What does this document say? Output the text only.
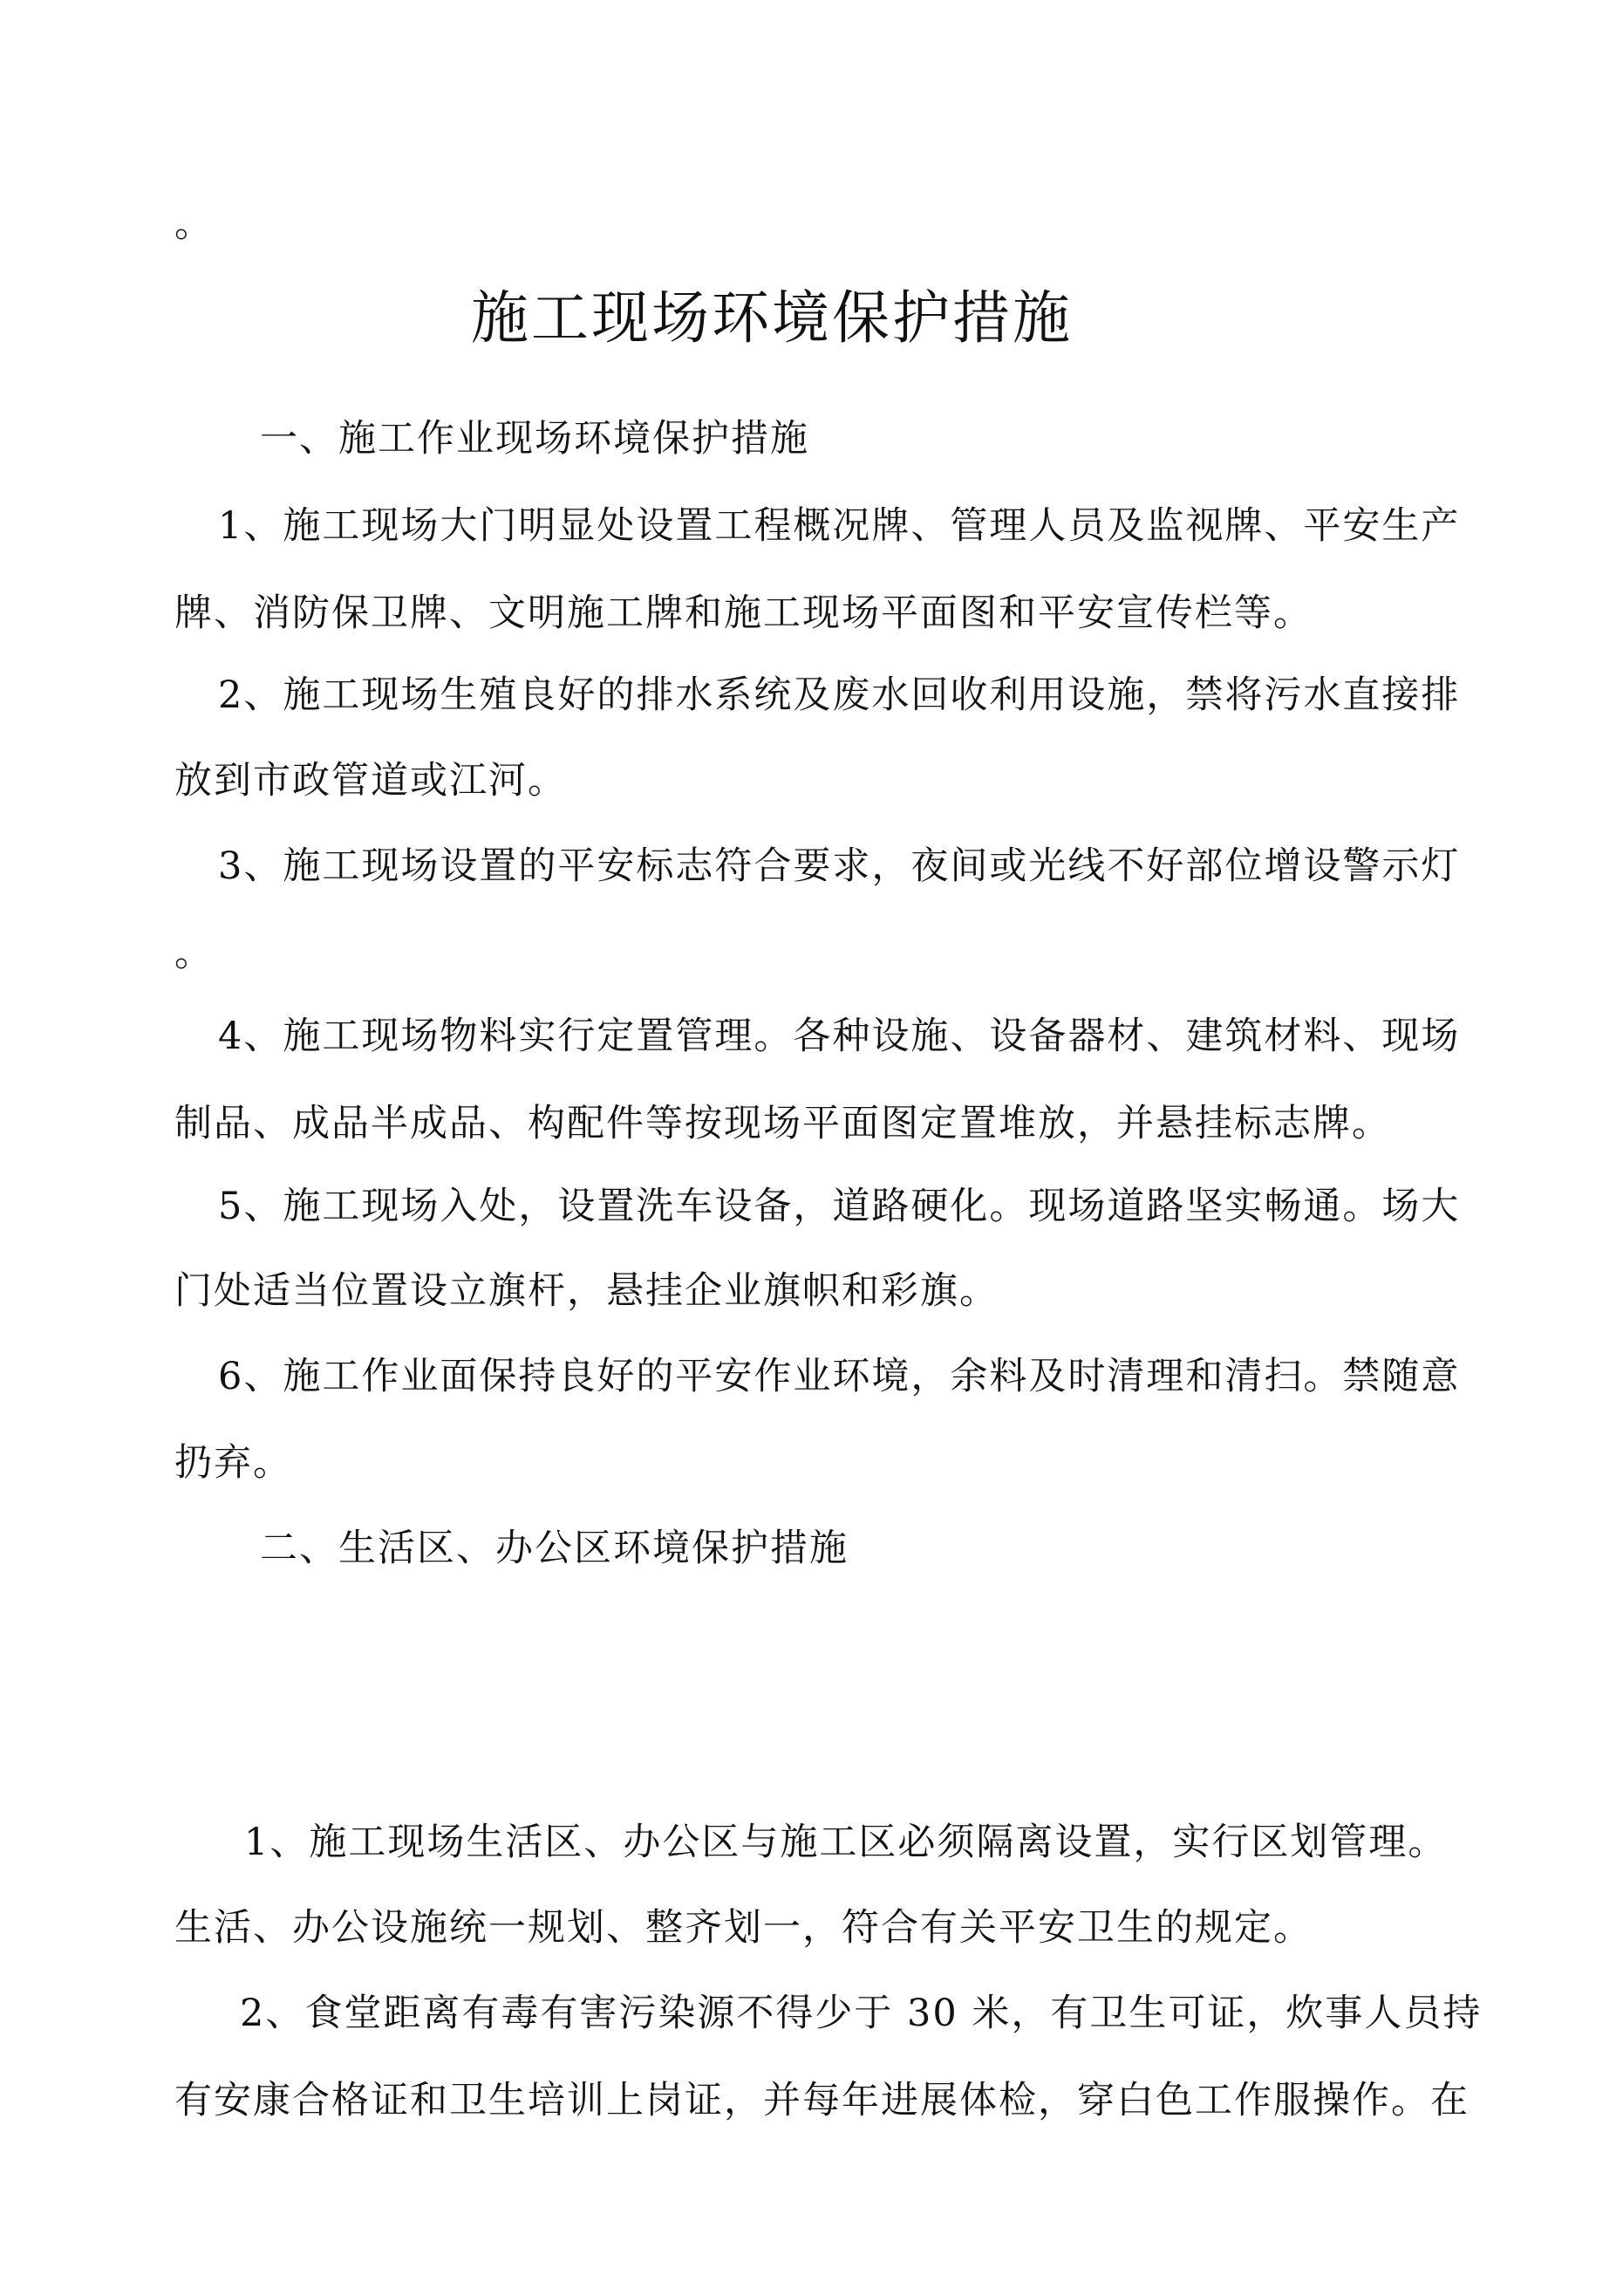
。
施工现场环境保护措施
一、施工作业现场环境保护措施
1、施工现场大门明显处设置工程概况牌、管理人员及监视牌、平安生产
牌、消防保卫牌、文明施工牌和施工现场平面图和平安宣传栏等。
2、施工现场生殖良好的排水系统及废水回收利用设施，禁将污水直接排
放到市政管道或江河。
3、施工现场设置的平安标志符合要求，夜间或光线不好部位增设警示灯
。
4、施工现场物料实行定置管理。各种设施、设备器材、建筑材料、现场
制品、成品半成品、构配件等按现场平面图定置堆放，并悬挂标志牌。
5、施工现场入处，设置洗车设备，道路硬化。现场道路坚实畅通。场大
门处适当位置设立旗杆，悬挂企业旗帜和彩旗。
6、施工作业面保持良好的平安作业环境，余料及时清理和清扫。禁随意
扔弃。
二、生活区、办公区环境保护措施
1、施工现场生活区、办公区与施工区必须隔离设置，实行区划管理。
生活、办公设施统一规划、整齐划一，符合有关平安卫生的规定。
2、食堂距离有毒有害污染源不得少于 30 米，有卫生可证，炊事人员持
有安康合格证和卫生培训上岗证，并每年进展体检，穿白色工作服操作。在
